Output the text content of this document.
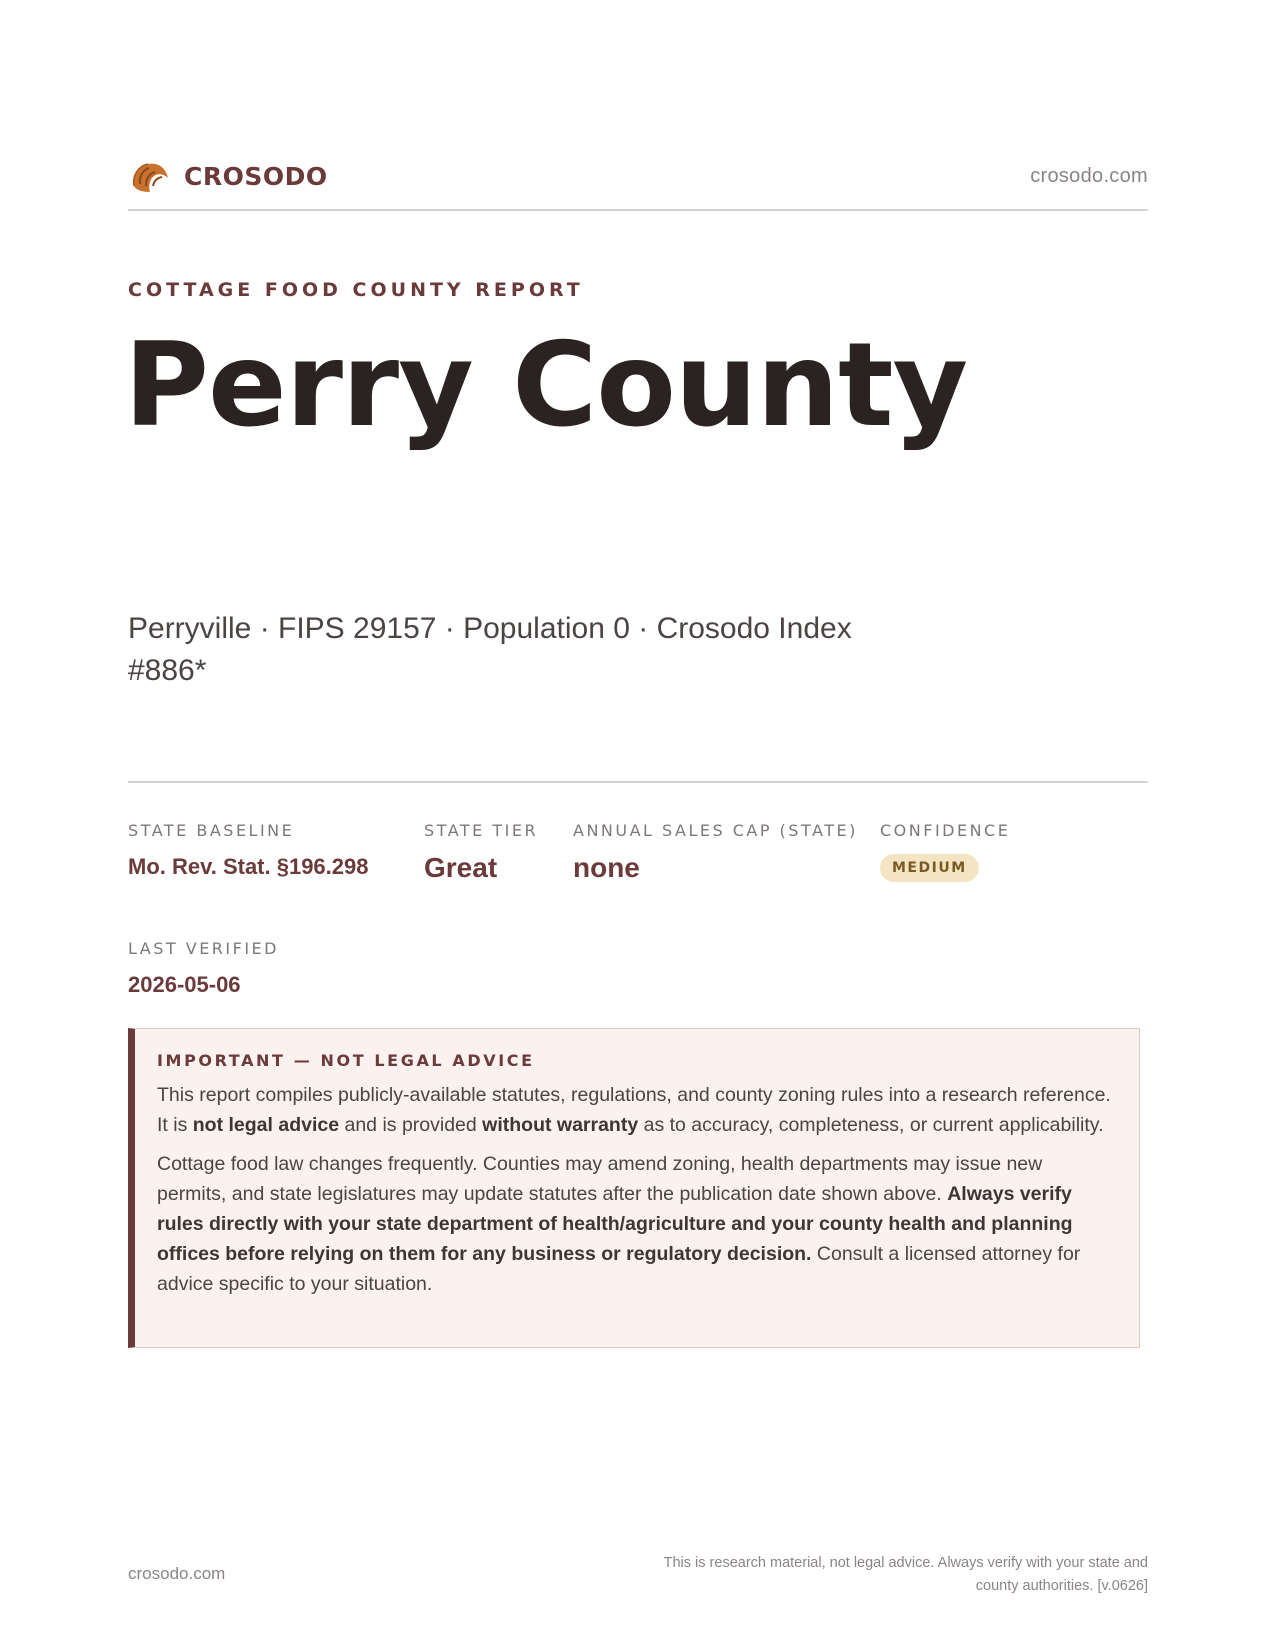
CROSODO	crosodo.com
COTTAGE FOOD COUNTY REPORT
Perry County
Perryville · FIPS 29157 · Population 0 · Crosodo Index #886*
STATE BASELINE
Mo. Rev. Stat. §196.298
STATE TIER
Great
ANNUAL SALES CAP (STATE)
none
CONFIDENCE
MEDIUM
LAST VERIFIED
2026-05-06
IMPORTANT — NOT LEGAL ADVICE

This report compiles publicly-available statutes, regulations, and county zoning rules into a research reference. It is not legal advice and is provided without warranty as to accuracy, completeness, or current applicability.

Cottage food law changes frequently. Counties may amend zoning, health departments may issue new permits, and state legislatures may update statutes after the publication date shown above. Always verify rules directly with your state department of health/agriculture and your county health and planning offices before relying on them for any business or regulatory decision. Consult a licensed attorney for advice specific to your situation.

crosodo.com
This is research material, not legal advice. Always verify with your state and county authorities. [v.0626]
